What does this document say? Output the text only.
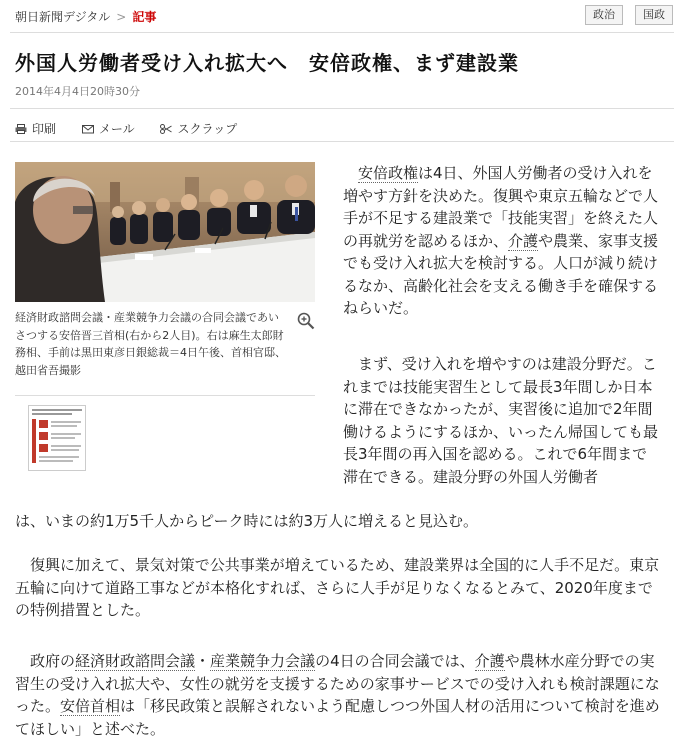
朝日新聞デジタル > 記事	政治	国政
外国人労働者受け入れ拡大へ　安倍政権、まず建設業
2014年4月4日20時30分
印刷	メール	スクラップ
経済財政諮問会議・産業競争力会議の合同会議であいさつする安倍晋三首相(右から2人目)。右は麻生太郎財務相、手前は黒田東彦日銀総裁＝4日午後、首相官邸、越田省吾撮影

安倍政権は4日、外国人労働者の受け入れを増やす方針を決めた。復興や東京五輪などで人手が不足する建設業で「技能実習」を終えた人の再就労を認めるほか、介護や農業、家事支援でも受け入れ拡大を検討する。人口が減り続けるなか、高齢化社会を支える働き手を確保するねらいだ。

まず、受け入れを増やすのは建設分野だ。これまでは技能実習生として最長3年間しか日本に滞在できなかったが、実習後に追加で2年間働けるようにするほか、いったん帰国しても最長3年間の再入国を認める。これで6年間まで滞在できる。建設分野の外国人労働者

は、いまの約1万5千人からピーク時には約3万人に増えると見込む。

復興に加えて、景気対策で公共事業が増えているため、建設業界は全国的に人手不足だ。東京五輪に向けて道路工事などが本格化すれば、さらに人手が足りなくなるとみて、2020年度までの特例措置とした。

政府の経済財政諮問会議・産業競争力会議の4日の合同会議では、介護や農林水産分野での実習生の受け入れ拡大や、女性の就労を支援するための家事サービスでの受け入れも検討課題になった。安倍首相は「移民政策と誤解されないよう配慮しつつ外国人材の活用について検討を進めてほしい」と述べた。
